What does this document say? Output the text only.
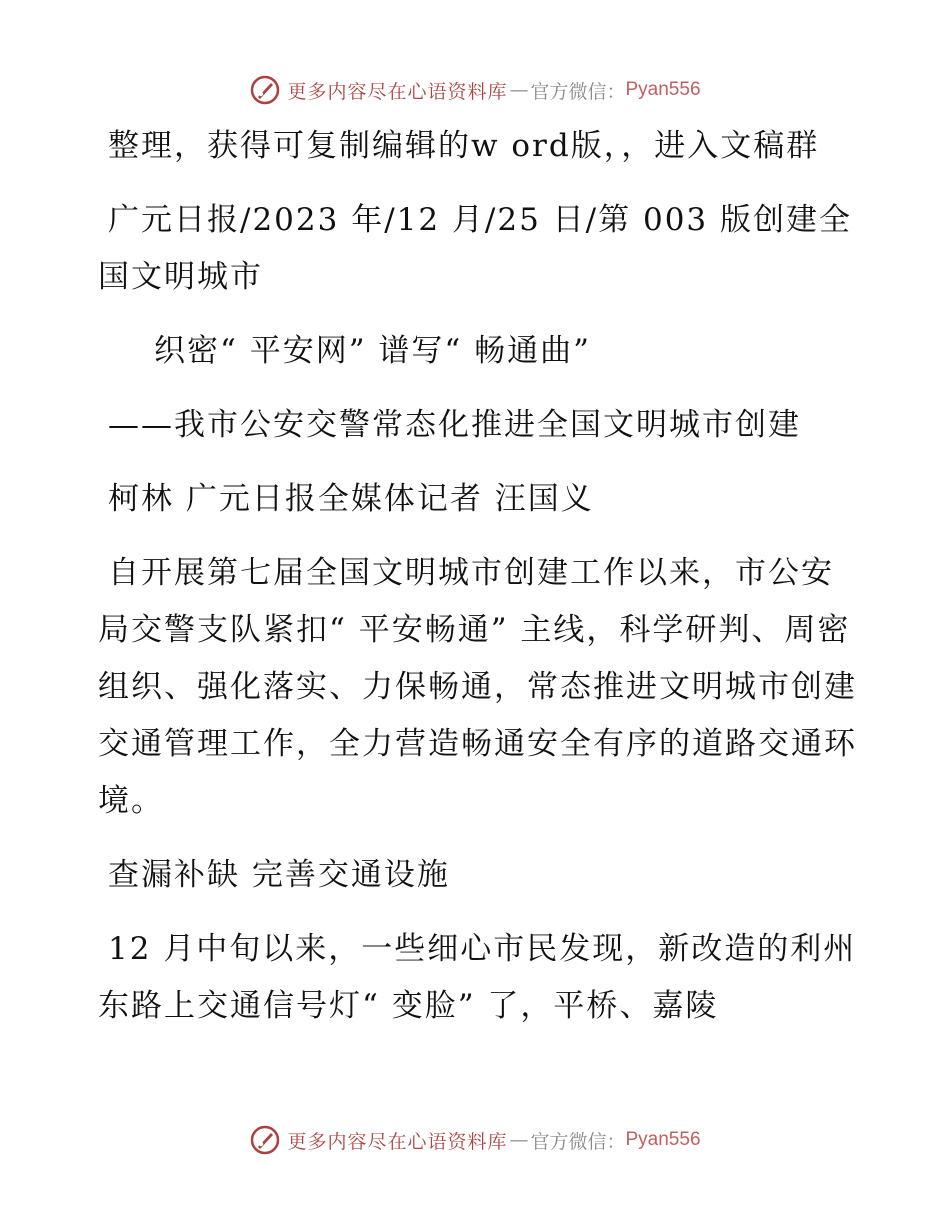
更多内容尽在心语资料库 — 官方微信： Pyan556

整理，获得可复制编辑的w ord版，，进入文稿群

广元日报/2023 年/12 月/25 日/第 003 版创建全国文明城市

织密“ 平安网” 谱写“ 畅通曲”

——我市公安交警常态化推进全国文明城市创建

柯林 广元日报全媒体记者 汪国义

自开展第七届全国文明城市创建工作以来，市公安局交警支队紧扣“ 平安畅通” 主线，科学研判、周密组织、强化落实、力保畅通，常态推进文明城市创建交通管理工作，全力营造畅通安全有序的道路交通环境。

查漏补缺 完善交通设施

12 月中旬以来，一些细心市民发现，新改造的利州东路上交通信号灯“ 变脸” 了，平桥、嘉陵

更多内容尽在心语资料库 — 官方微信： Pyan556
